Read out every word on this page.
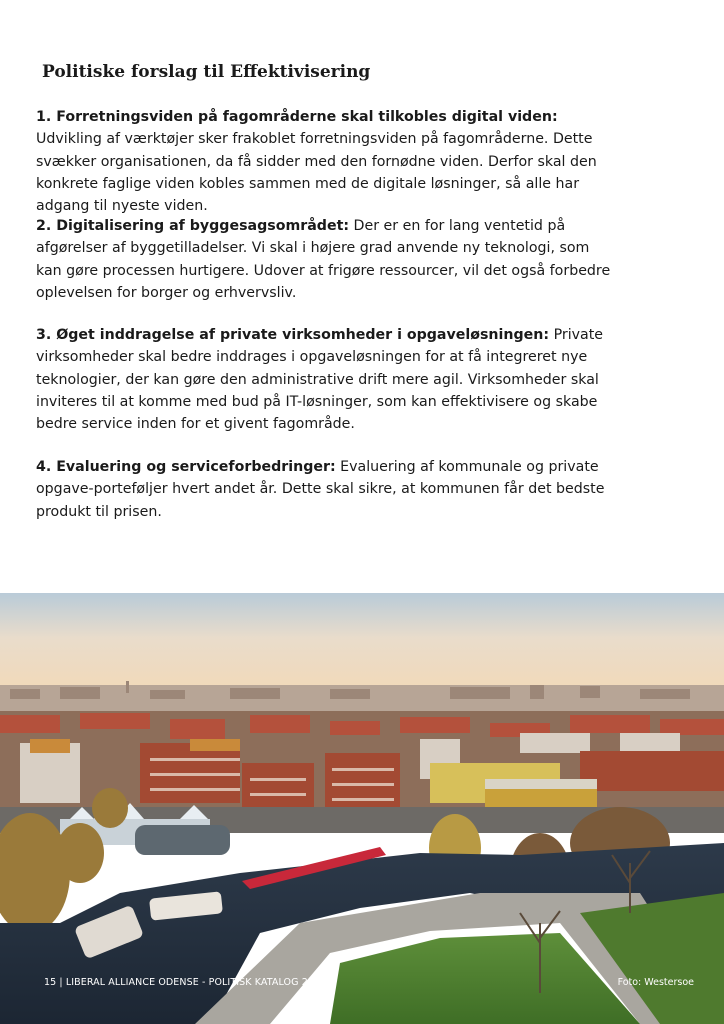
Politiske forslag til Effektivisering
1. Forretningsviden på fagområderne skal tilkobles digital viden: Udvikling af værktøjer sker frakoblet forretningsviden på fagområderne. Dette svækker organisationen, da få sidder med den fornødne viden. Derfor skal den konkrete faglige viden kobles sammen med de digitale løsninger, så alle har adgang til nyeste viden.
2. Digitalisering af byggesagsområdet: Der er en for lang ventetid på afgørelser af byggetilladelser. Vi skal i højere grad anvende ny teknologi, som kan gøre processen hurtigere. Udover at frigøre ressourcer, vil det også forbedre oplevelsen for borger og erhvervsliv.
3. Øget inddragelse af private virksomheder i opgaveløsningen: Private virksomheder skal bedre inddrages i opgaveløsningen for at få integreret nye teknologier, der kan gøre den administrative drift mere agil. Virksomheder skal inviteres til at komme med bud på IT-løsninger, som kan effektivisere og skabe bedre service inden for et givent fagområde.
4. Evaluering og serviceforbedringer: Evaluering af kommunale og private opgave-porteføljer hvert andet år. Dette skal sikre, at kommunen får det bedste produkt til prisen.
15 | LIBERAL ALLIANCE ODENSE - POLITISK KATALOG 2025	Foto: Westersoe
